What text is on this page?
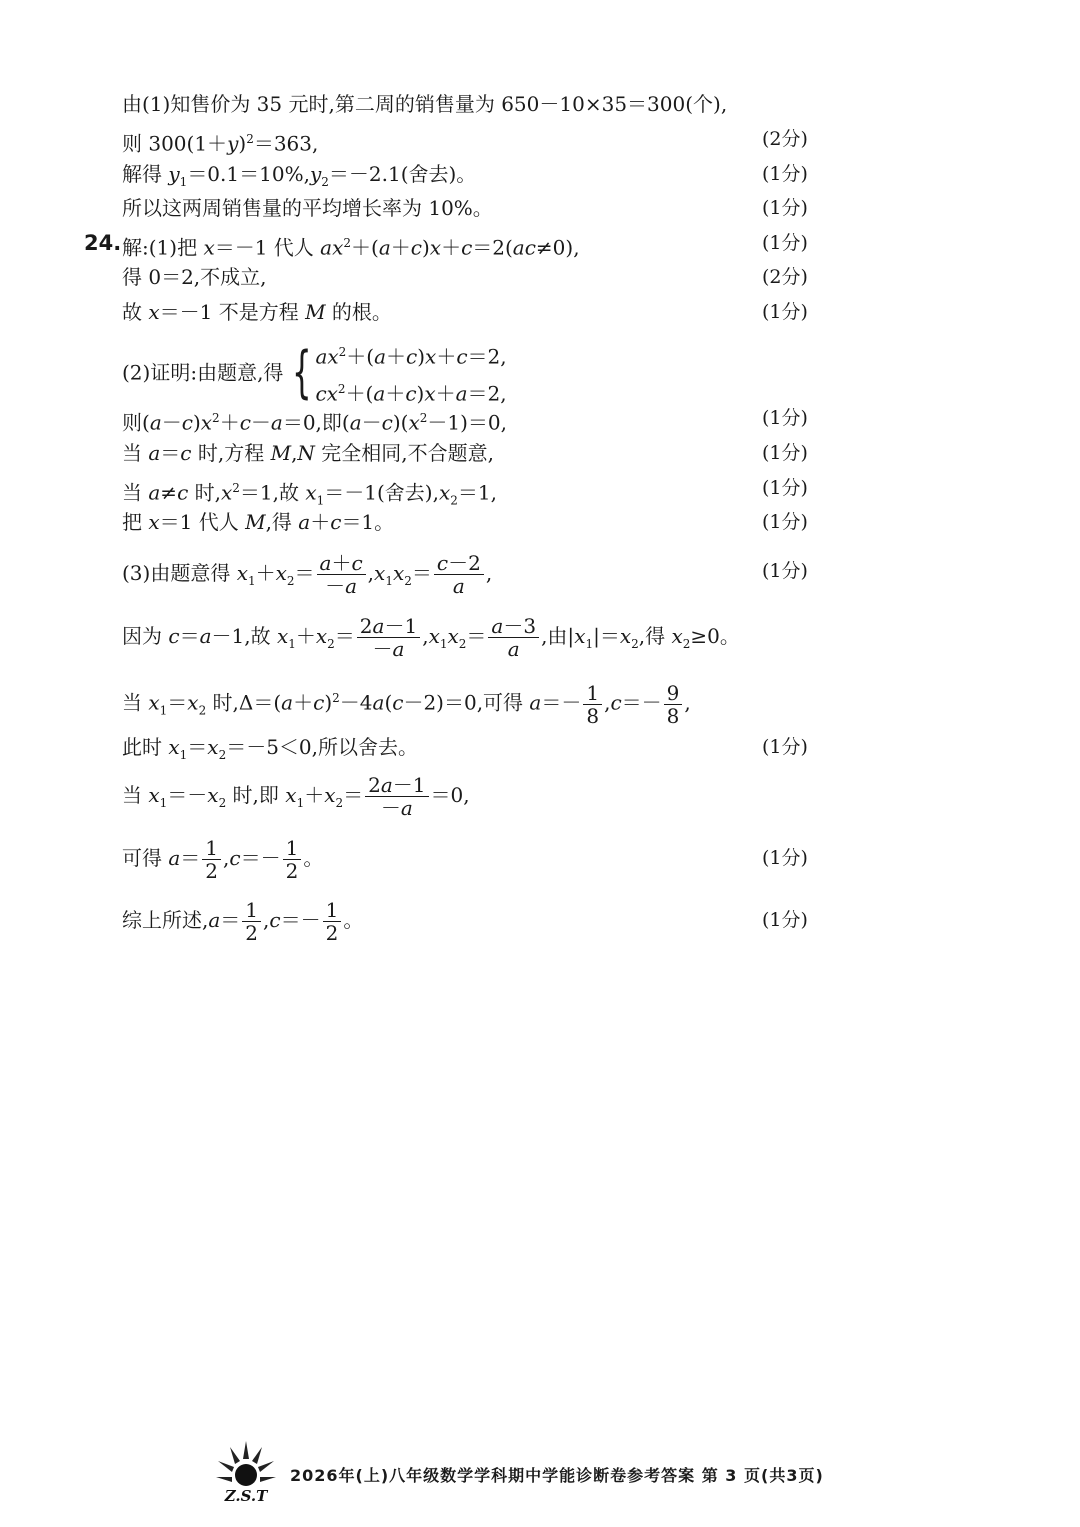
由(1)知售价为 35 元时,第二周的销售量为 650－10×35＝300(个),
则 $300(1+y)^2=363$,	(2分)
解得 $y_1=0.1=10\%,y_2=-2.1$(舍去)。	(1分)
所以这两周销售量的平均增长率为 10%。	(1分)
24. 解:(1)把 x＝－1 代人 $ax^2+(a+c)x+c=2(ac\ne 0)$,	(1分)
得 0＝2,不成立,	(2分)
故 x＝－1 不是方程 M 的根。	(1分)
(2)证明:由题意,得 { $ax^2+(a+c)x+c=2$,
$cx^2+(a+c)x+a=2$,
则$(a-c)x^2+c-a=0$,即$(a-c)(x^2-1)=0$,	(1分)
当 a＝c 时,方程 M,N 完全相同,不合题意,	(1分)
当 a≠c 时$,x^2=1$,故 $x_1=-1$(舍去)$,x_2=1$,	(1分)
把 x＝1 代人 M,得 a＋c＝1。	(1分)
(3)由题意得 $x_1+x_2= \frac{a+c}{-a} ,x_1x_2= \frac{c-2}{a}$ ,	(1分)
因为 c＝a－1,故 $x_1+x_2= \frac{2a-1}{-a} ,x_1x_2= \frac{a-3}{a}$ ,由$|x_1|=x_2$,得 $x_2\ge 0$。
当 $x_1=x_2$ 时$,\Delta=(a+c)^2-4a(c-2)=0$,可得 $a=- \frac{1}{8} ,c=- \frac{9}{8}$ ,
此时 $x_1=x_2=-5<0$,所以舍去。	(1分)
当 $x_1=-x_2$ 时,即 $x_1+x_2= \frac{2a-1}{-a} =0$,
可得 $a= \frac{1}{2} ,c=- \frac{1}{2}$ 。	(1分)
综上所述$,a= \frac{1}{2} ,c=- \frac{1}{2}$ 。	(1分)
Z.S.T
2026年(上)八年级数学学科期中学能诊断卷参考答案 第 3 页(共3页)
